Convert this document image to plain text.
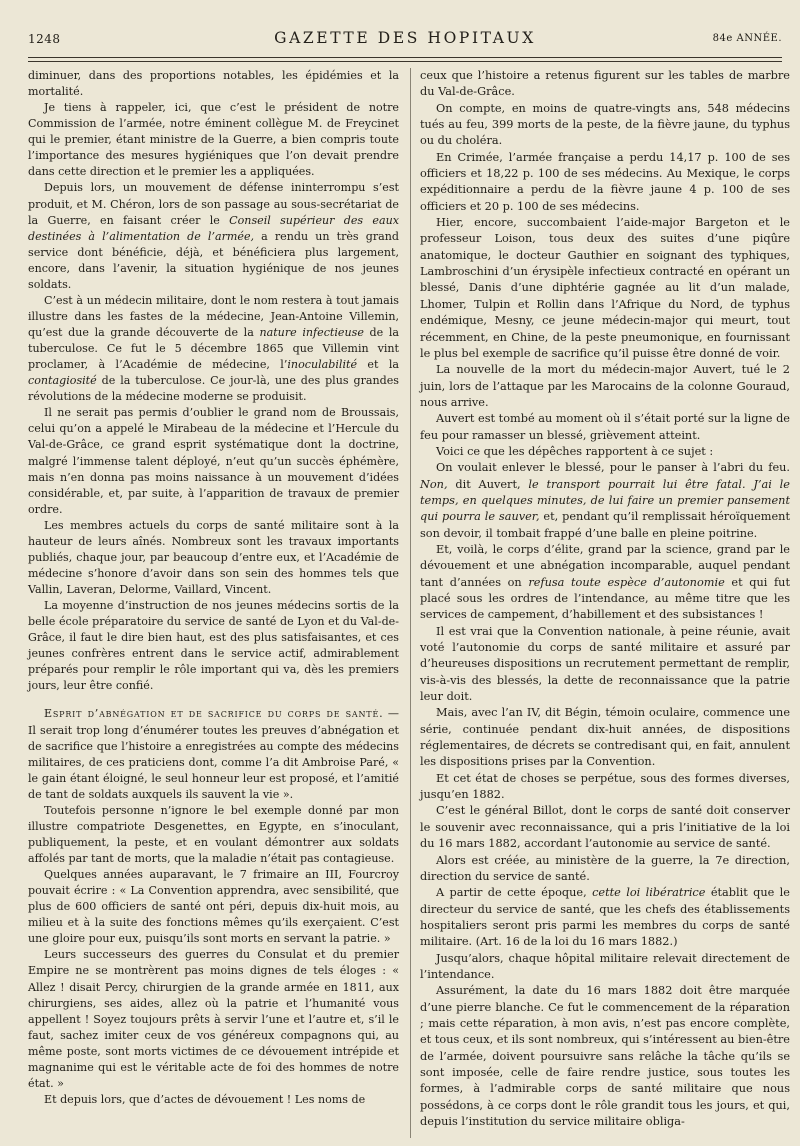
1248	GAZETTE DES HOPITAUX	84e ANNÉE.

diminuer, dans des proportions notables, les épidémies et la mortalité.

Je tiens à rappeler, ici, que c’est le président de notre Commission de l’armée, notre éminent collègue M. de Freycinet qui le premier, étant ministre de la Guerre, a bien compris toute l’importance des mesures hygiéniques que l’on devait prendre dans cette direction et le premier les a appliquées.

Depuis lors, un mouvement de défense ininterrompu s’est produit, et M. Chéron, lors de son passage au sous-secrétariat de la Guerre, en faisant créer le Conseil supérieur des eaux destinées à l’alimentation de l’armée, a rendu un très grand service dont bénéficie, déjà, et bénéficiera plus largement, encore, dans l’avenir, la situation hygiénique de nos jeunes soldats.

C’est à un médecin militaire, dont le nom restera à tout jamais illustre dans les fastes de la médecine, Jean-Antoine Villemin, qu’est due la grande découverte de la nature infectieuse de la tuberculose. Ce fut le 5 décembre 1865 que Villemin vint proclamer, à l’Académie de médecine, l’inoculabilité et la contagiosité de la tuberculose. Ce jour-là, une des plus grandes révolutions de la médecine moderne se produisit.

Il ne serait pas permis d’oublier le grand nom de Broussais, celui qu’on a appelé le Mirabeau de la médecine et l’Hercule du Val-de-Grâce, ce grand esprit systématique dont la doctrine, malgré l’immense talent déployé, n’eut qu’un succès éphémère, mais n’en donna pas moins naissance à un mouvement d’idées considérable, et, par suite, à l’apparition de travaux de premier ordre.

Les membres actuels du corps de santé militaire sont à la hauteur de leurs aînés. Nombreux sont les travaux importants publiés, chaque jour, par beaucoup d’entre eux, et l’Académie de médecine s’honore d’avoir dans son sein des hommes tels que Vallin, Laveran, Delorme, Vaillard, Vincent.

La moyenne d’instruction de nos jeunes médecins sortis de la belle école préparatoire du service de santé de Lyon et du Val-de-Grâce, il faut le dire bien haut, est des plus satisfaisantes, et ces jeunes confrères entrent dans le service actif, admirablement préparés pour remplir le rôle important qui va, dès les premiers jours, leur être confié.

Esprit d’abnégation et de sacrifice du corps de santé. — Il serait trop long d’énumérer toutes les preuves d’abnégation et de sacrifice que l’histoire a enregistrées au compte des médecins militaires, de ces praticiens dont, comme l’a dit Ambroise Paré, « le gain étant éloigné, le seul honneur leur est proposé, et l’amitié de tant de soldats auxquels ils sauvent la vie ».

Toutefois personne n’ignore le bel exemple donné par mon illustre compatriote Desgenettes, en Egypte, en s’inoculant, publiquement, la peste, et en voulant démontrer aux soldats affolés par tant de morts, que la maladie n’était pas contagieuse.

Quelques années auparavant, le 7 frimaire an III, Fourcroy pouvait écrire : « La Convention apprendra, avec sensibilité, que plus de 600 officiers de santé ont péri, depuis dix-huit mois, au milieu et à la suite des fonctions mêmes qu’ils exerçaient. C’est une gloire pour eux, puisqu’ils sont morts en servant la patrie. »

Leurs successeurs des guerres du Consulat et du premier Empire ne se montrèrent pas moins dignes de tels éloges : « Allez ! disait Percy, chirurgien de la grande armée en 1811, aux chirurgiens, ses aides, allez où la patrie et l’humanité vous appellent ! Soyez toujours prêts à servir l’une et l’autre et, s’il le faut, sachez imiter ceux de vos généreux compagnons qui, au même poste, sont morts victimes de ce dévouement intrépide et magnanime qui est le véritable acte de foi des hommes de notre état. »

Et depuis lors, que d’actes de dévouement ! Les noms de

ceux que l’histoire a retenus figurent sur les tables de marbre du Val-de-Grâce.

On compte, en moins de quatre-vingts ans, 548 médecins tués au feu, 399 morts de la peste, de la fièvre jaune, du typhus ou du choléra.

En Crimée, l’armée française a perdu 14,17 p. 100 de ses officiers et 18,22 p. 100 de ses médecins. Au Mexique, le corps expéditionnaire a perdu de la fièvre jaune 4 p. 100 de ses officiers et 20 p. 100 de ses médecins.

Hier, encore, succombaient l’aide-major Bargeton et le professeur Loison, tous deux des suites d’une piqûre anatomique, le docteur Gauthier en soignant des typhiques, Lambroschini d’un érysipèle infectieux contracté en opérant un blessé, Danis d’une diphtérie gagnée au lit d’un malade, Lhomer, Tulpin et Rollin dans l’Afrique du Nord, de typhus endémique, Mesny, ce jeune médecin-major qui meurt, tout récemment, en Chine, de la peste pneumonique, en fournissant le plus bel exemple de sacrifice qu’il puisse être donné de voir.

La nouvelle de la mort du médecin-major Auvert, tué le 2 juin, lors de l’attaque par les Marocains de la colonne Gouraud, nous arrive.

Auvert est tombé au moment où il s’était porté sur la ligne de feu pour ramasser un blessé, grièvement atteint.

Voici ce que les dépêches rapportent à ce sujet :

On voulait enlever le blessé, pour le panser à l’abri du feu. Non, dit Auvert, le transport pourrait lui être fatal. J’ai le temps, en quelques minutes, de lui faire un premier pansement qui pourra le sauver, et, pendant qu’il remplissait héroïquement son devoir, il tombait frappé d’une balle en pleine poitrine.

Et, voilà, le corps d’élite, grand par la science, grand par le dévouement et une abnégation incomparable, auquel pendant tant d’années on refusa toute espèce d’autonomie et qui fut placé sous les ordres de l’intendance, au même titre que les services de campement, d’habillement et des subsistances !

Il est vrai que la Convention nationale, à peine réunie, avait voté l’autonomie du corps de santé militaire et assuré par d’heureuses dispositions un recrutement permettant de remplir, vis-à-vis des blessés, la dette de reconnaissance que la patrie leur doit.

Mais, avec l’an IV, dit Bégin, témoin oculaire, commence une série, continuée pendant dix-huit années, de dispositions réglementaires, de décrets se contredisant qui, en fait, annulent les dispositions prises par la Convention.

Et cet état de choses se perpétue, sous des formes diverses, jusqu’en 1882.

C’est le général Billot, dont le corps de santé doit conserver le souvenir avec reconnaissance, qui a pris l’initiative de la loi du 16 mars 1882, accordant l’autonomie au service de santé.

Alors est créée, au ministère de la guerre, la 7e direction, direction du service de santé.

A partir de cette époque, cette loi libératrice établit que le directeur du service de santé, que les chefs des établissements hospitaliers seront pris parmi les membres du corps de santé militaire. (Art. 16 de la loi du 16 mars 1882.)

Jusqu’alors, chaque hôpital militaire relevait directement de l’intendance.

Assurément, la date du 16 mars 1882 doit être marquée d’une pierre blanche. Ce fut le commencement de la réparation ; mais cette réparation, à mon avis, n’est pas encore complète, et tous ceux, et ils sont nombreux, qui s’intéressent au bien-être de l’armée, doivent poursuivre sans relâche la tâche qu’ils se sont imposée, celle de faire rendre justice, sous toutes les formes, à l’admirable corps de santé militaire que nous possédons, à ce corps dont le rôle grandit tous les jours, et qui, depuis l’institution du service militaire obliga-
